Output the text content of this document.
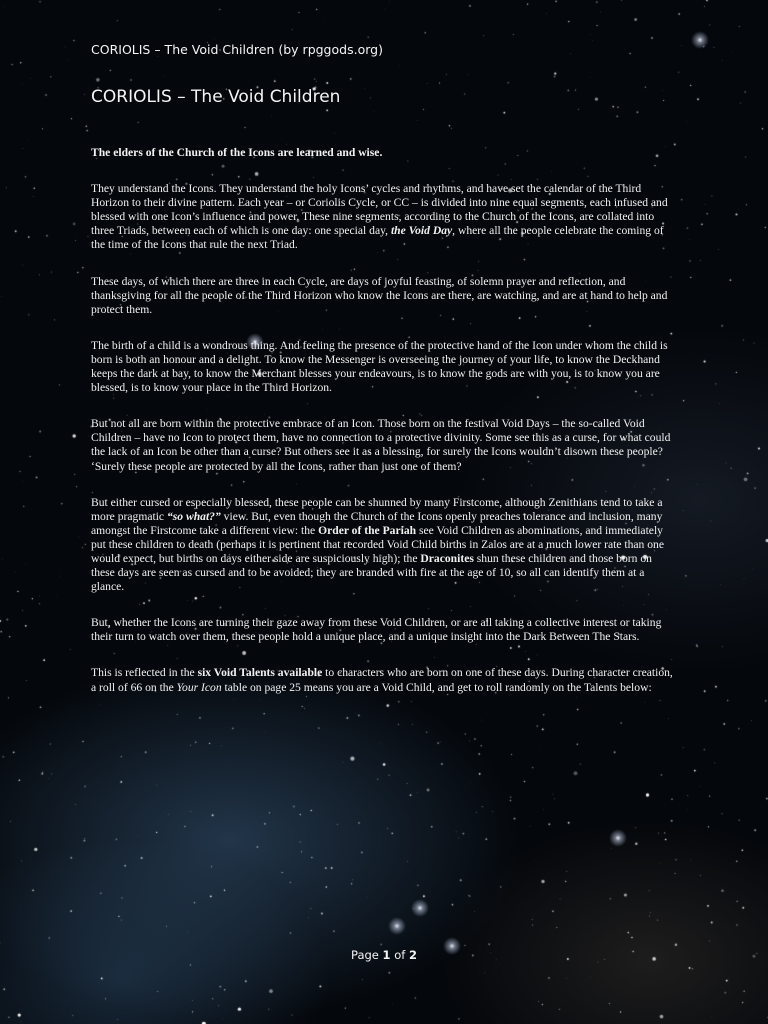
CORIOLIS – The Void Children (by rpggods.org)
CORIOLIS – The Void Children

The elders of the Church of the Icons are learned and wise.

They understand the Icons. They understand the holy Icons’ cycles and rhythms, and have set the calendar of the Third Horizon to their divine pattern. Each year – or Coriolis Cycle, or CC – is divided into nine equal segments, each infused and blessed with one Icon’s influence and power. These nine segments, according to the Church of the Icons, are collated into three Triads, between each of which is one day: one special day, the Void Day, where all the people celebrate the coming of the time of the Icons that rule the next Triad.

These days, of which there are three in each Cycle, are days of joyful feasting, of solemn prayer and reflection, and thanksgiving for all the people of the Third Horizon who know the Icons are there, are watching, and are at hand to help and protect them.

The birth of a child is a wondrous thing. And feeling the presence of the protective hand of the Icon under whom the child is born is both an honour and a delight. To know the Messenger is overseeing the journey of your life, to know the Deckhand keeps the dark at bay, to know the Merchant blesses your endeavours, is to know the gods are with you, is to know you are blessed, is to know your place in the Third Horizon.

But not all are born within the protective embrace of an Icon. Those born on the festival Void Days – the so-called Void Children – have no Icon to protect them, have no connection to a protective divinity. Some see this as a curse, for what could the lack of an Icon be other than a curse? But others see it as a blessing, for surely the Icons wouldn’t disown these people? ‘Surely these people are protected by all the Icons, rather than just one of them?

But either cursed or especially blessed, these people can be shunned by many Firstcome, although Zenithians tend to take a more pragmatic “so what?” view. But, even though the Church of the Icons openly preaches tolerance and inclusion, many amongst the Firstcome take a different view: the Order of the Pariah see Void Children as abominations, and immediately put these children to death (perhaps it is pertinent that recorded Void Child births in Zalos are at a much lower rate than one would expect, but births on days either side are suspiciously high); the Draconites shun these children and those born on these days are seen as cursed and to be avoided; they are branded with fire at the age of 10, so all can identify them at a glance.

But, whether the Icons are turning their gaze away from these Void Children, or are all taking a collective interest or taking their turn to watch over them, these people hold a unique place, and a unique insight into the Dark Between The Stars.

This is reflected in the six Void Talents available to characters who are born on one of these days. During character creation, a roll of 66 on the Your Icon table on page 25 means you are a Void Child, and get to roll randomly on the Talents below:

Page 1 of 2
